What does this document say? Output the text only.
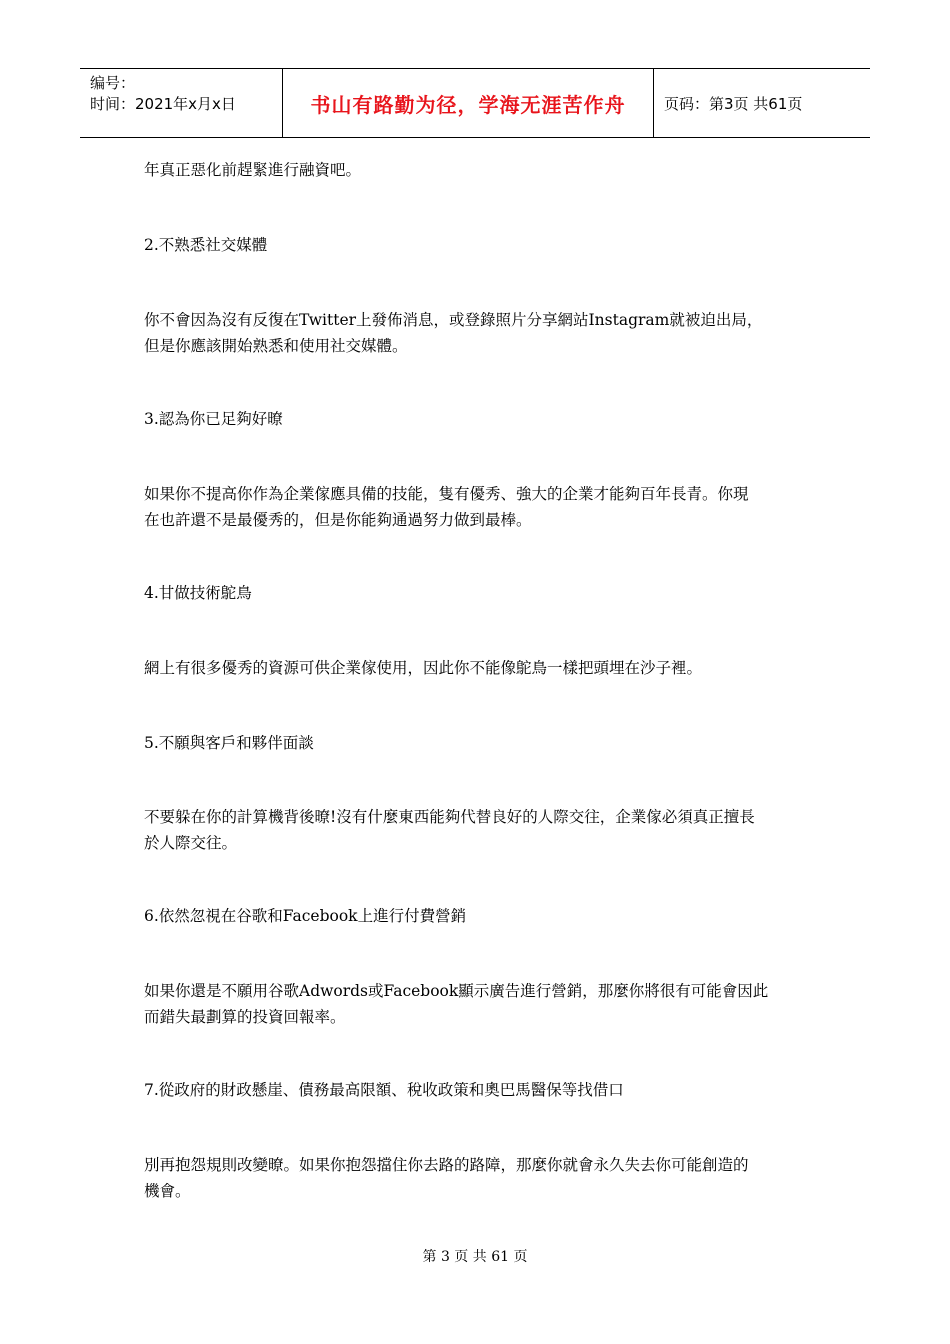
编号：
时间：2021年x月x日	书山有路勤为径，学海无涯苦作舟	页码：第3页 共61页
年真正惡化前趕緊進行融資吧。
2.不熟悉社交媒體
你不會因為沒有反復在Twitter上發佈消息，或登錄照片分享網站Instagram就被迫出局，
但是你應該開始熟悉和使用社交媒體。
3.認為你已足夠好暸
如果你不提高你作為企業傢應具備的技能，隻有優秀、強大的企業才能夠百年長青。你現
在也許還不是最優秀的，但是你能夠通過努力做到最棒。
4.甘做技術鴕鳥
網上有很多優秀的資源可供企業傢使用，因此你不能像鴕鳥一樣把頭埋在沙子裡。
5.不願與客戶和夥伴面談
不要躲在你的計算機背後暸!沒有什麼東西能夠代替良好的人際交往，企業傢必須真正擅長
於人際交往。
6.依然忽視在谷歌和Facebook上進行付費營銷
如果你還是不願用谷歌Adwords或Facebook顯示廣告進行營銷，那麼你將很有可能會因此
而錯失最劃算的投資回報率。
7.從政府的財政懸崖、債務最高限額、稅收政策和奧巴馬醫保等找借口
別再抱怨規則改變暸。如果你抱怨擋住你去路的路障，那麼你就會永久失去你可能創造的
機會。
第 3 页 共 61 页
